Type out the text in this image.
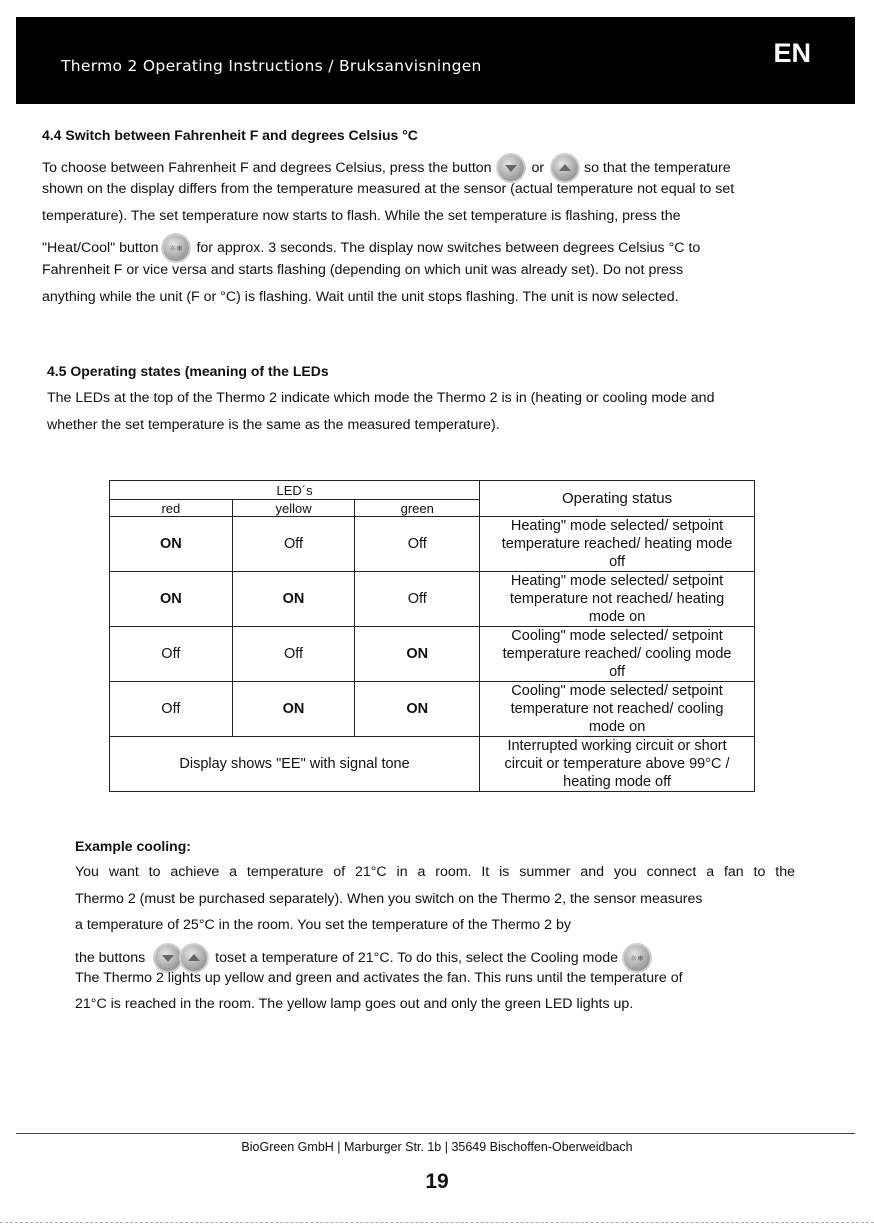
Thermo 2 Operating Instructions / Bruksanvisningen	EN
4.4 Switch between Fahrenheit F and degrees Celsius °C
To choose between Fahrenheit F and degrees Celsius, press the button	or	so that the temperature
shown on the display differs from the temperature measured at the sensor (actual temperature not equal to set
temperature). The set temperature now starts to flash. While the set temperature is flashing, press the
"Heat/Cool" button ☼❄ for approx. 3 seconds. The display now switches between degrees Celsius °C to
Fahrenheit F or vice versa and starts flashing (depending on which unit was already set). Do not press
anything while the unit (F or °C) is flashing. Wait until the unit stops flashing. The unit is now selected.
4.5 Operating states (meaning of the LEDs
The LEDs at the top of the Thermo 2 indicate which mode the Thermo 2 is in (heating or cooling mode and
whether the set temperature is the same as the measured temperature).
LED´s			Operating status
red	yellow	green	
ON	Off	Off	Heating" mode selected/ setpoint
temperature reached/ heating mode
off

ON	ON	Off	Heating" mode selected/ setpoint
temperature not reached/ heating
mode on

Off	Off	ON	Cooling" mode selected/ setpoint
temperature reached/ cooling mode
off

Off	ON	ON	Cooling" mode selected/ setpoint
temperature not reached/ cooling
mode on

Display shows "EE" with signal tone			Interrupted working circuit or short
circuit or temperature above 99°C /
heating mode off
Example cooling:
You want to achieve a temperature of 21°C in a room. It is summer and you connect a fan to the
Thermo 2 (must be purchased separately). When you switch on the Thermo 2, the sensor measures
a temperature of 25°C in the room. You set the temperature of the Thermo 2 by
the buttons	toset a temperature of 21°C. To do this, select the Cooling mode ☼❄
The Thermo 2 lights up yellow and green and activates the fan. This runs until the temperature of
21°C is reached in the room. The yellow lamp goes out and only the green LED lights up.
BioGreen GmbH | Marburger Str. 1b | 35649 Bischoffen-Oberweidbach
19
